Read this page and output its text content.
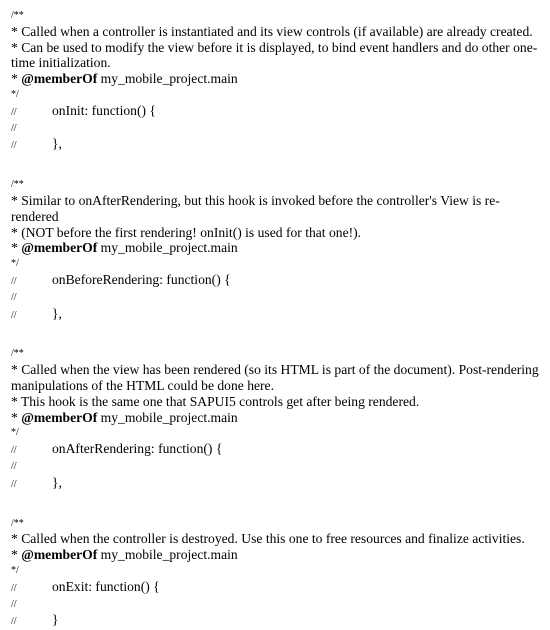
/**
* Called when a controller is instantiated and its view controls (if available) are already created.
* Can be used to modify the view before it is displayed, to bind event handlers and do other one-time initialization.
* @memberOf my_mobile_project.main
*/
//	onInit: function() {
//
//	},
/**
* Similar to onAfterRendering, but this hook is invoked before the controller's View is re-rendered
* (NOT before the first rendering! onInit() is used for that one!).
* @memberOf my_mobile_project.main
*/
//	onBeforeRendering: function() {
//
//	},
/**
* Called when the view has been rendered (so its HTML is part of the document). Post-rendering manipulations of the HTML could be done here.
* This hook is the same one that SAPUI5 controls get after being rendered.
* @memberOf my_mobile_project.main
*/
//	onAfterRendering: function() {
//
//	},
/**
* Called when the controller is destroyed. Use this one to free resources and finalize activities.
* @memberOf my_mobile_project.main
*/
//	onExit: function() {
//
//	}
